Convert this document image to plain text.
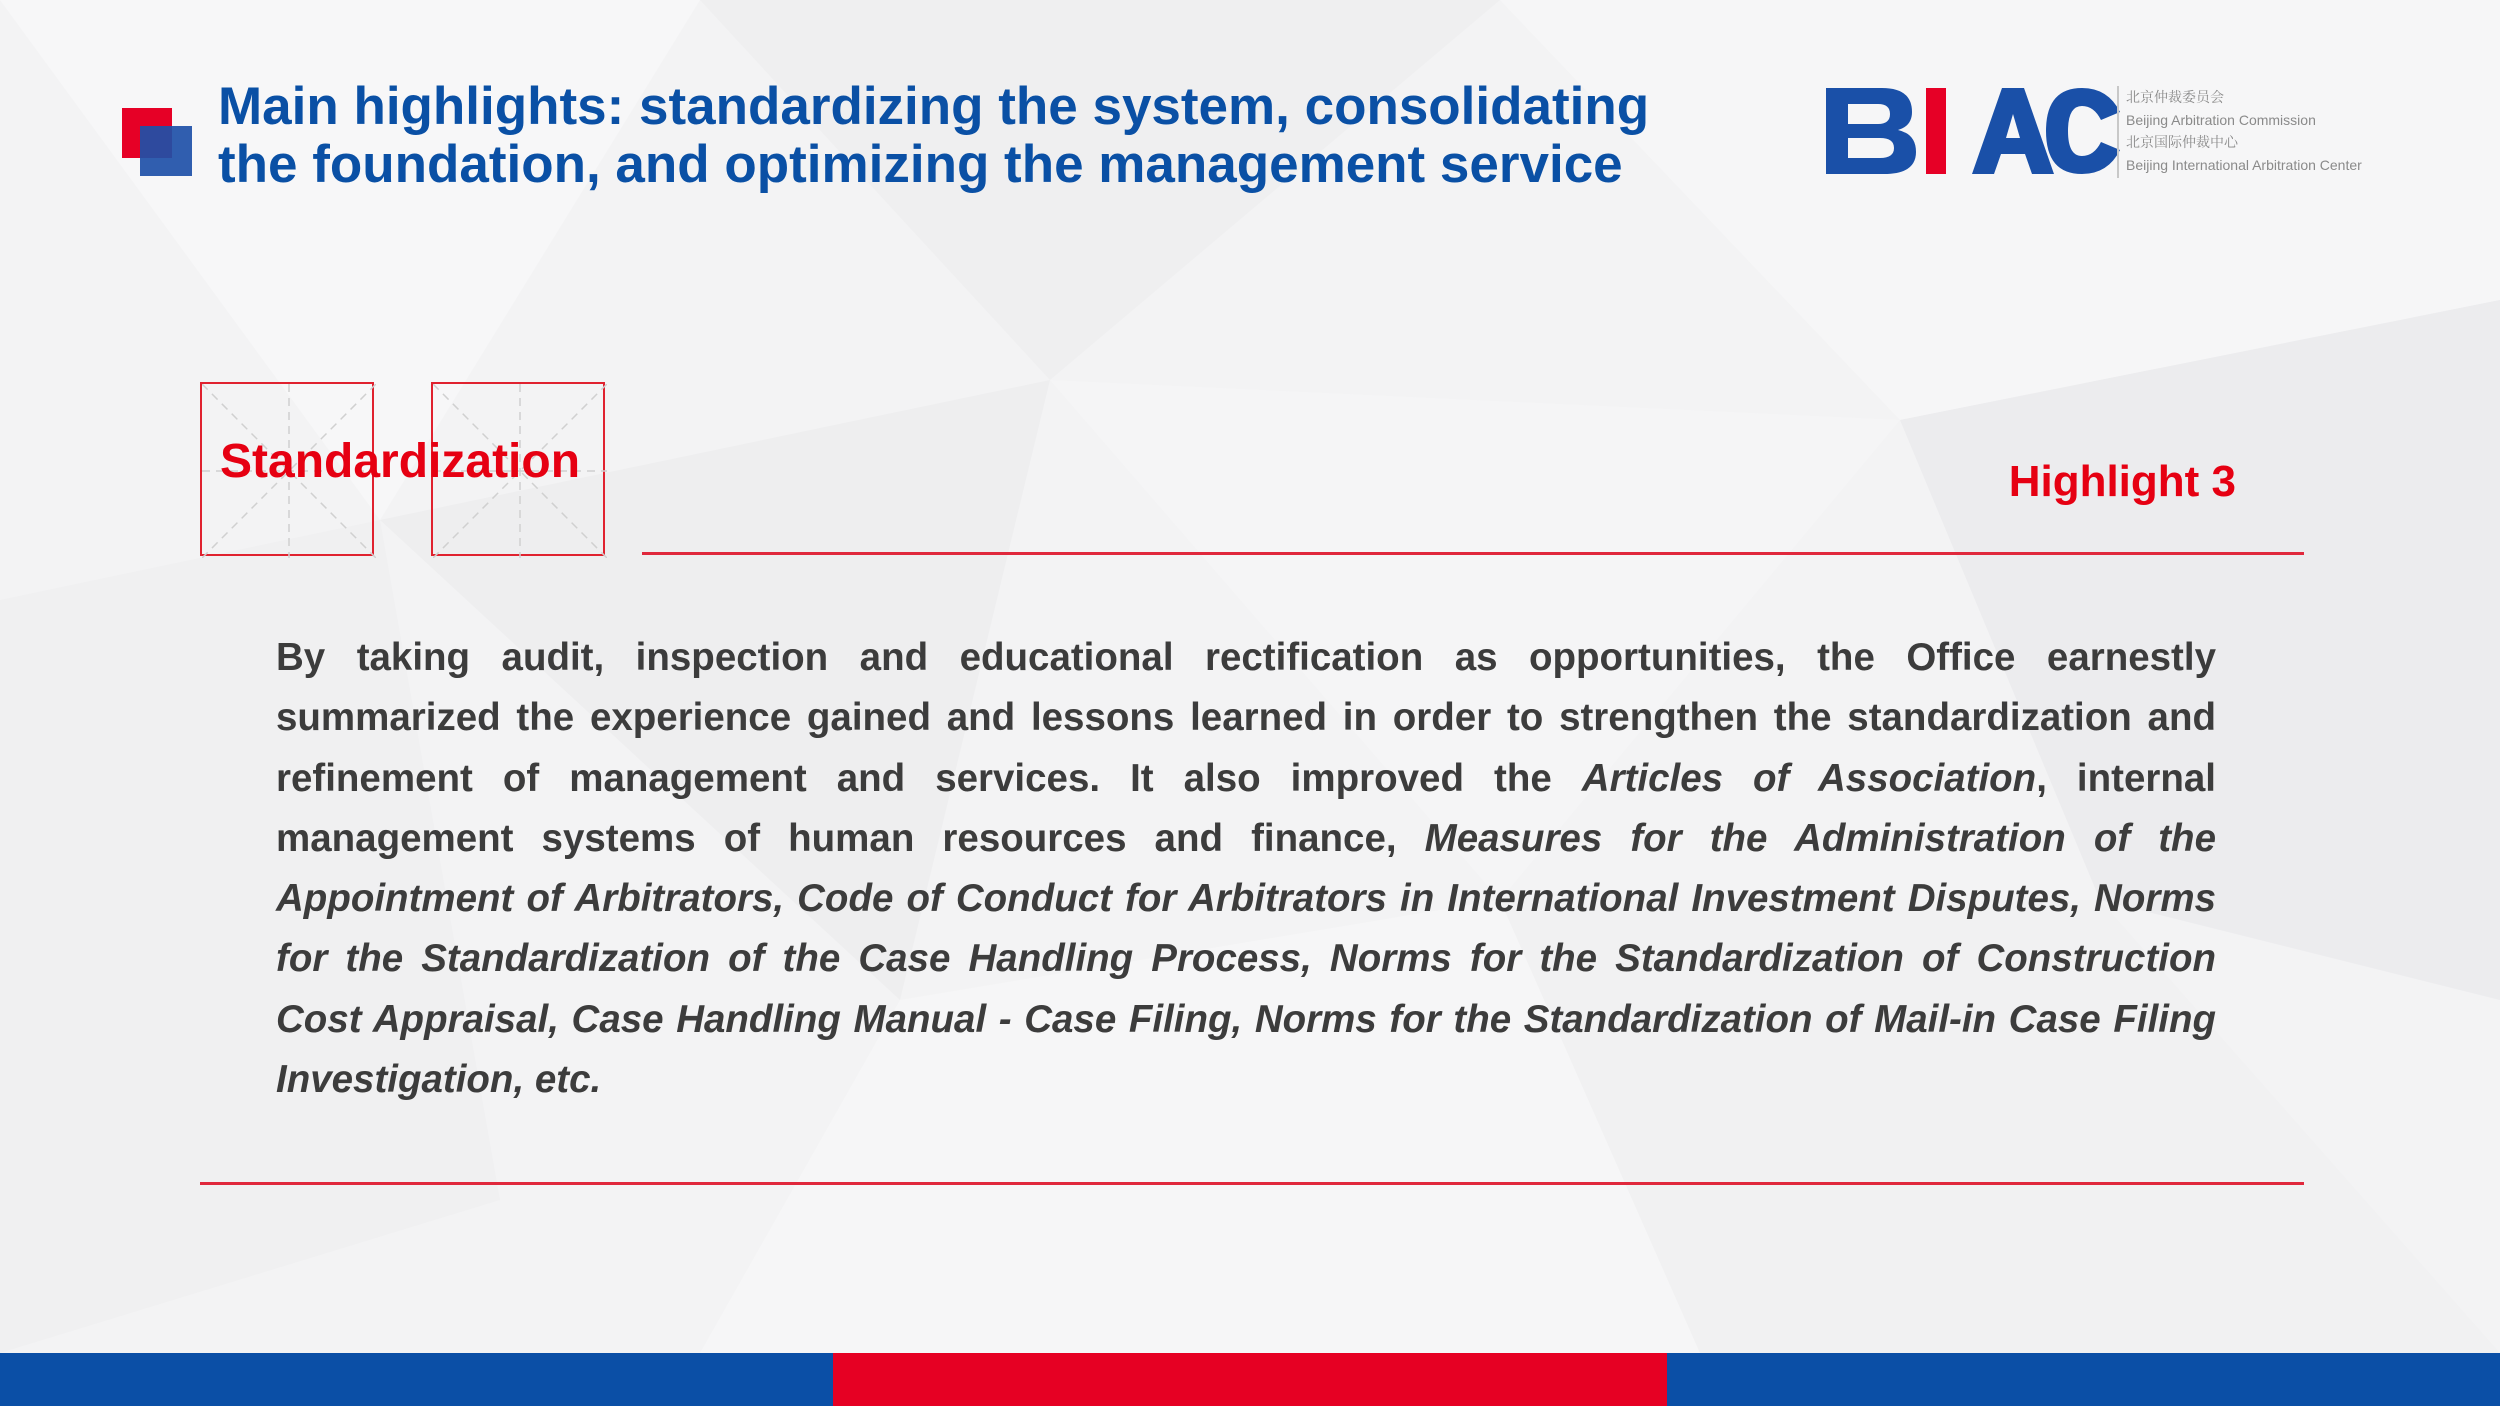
Main highlights: standardizing the system, consolidating
the foundation, and optimizing the management service
北京仲裁委员会
Beijing Arbitration Commission
北京国际仲裁中心
Beijing International Arbitration Center
Standardization	Highlight 3

By taking audit, inspection and educational rectification as opportunities, the Office earnestly summarized the experience gained and lessons learned in order to strengthen the standardization and refinement of management and services. It also improved the Articles of Association, internal management systems of human resources and finance, Measures for the Administration of the Appointment of Arbitrators, Code of Conduct for Arbitrators in International Investment Disputes, Norms for the Standardization of the Case Handling Process, Norms for the Standardization of Construction Cost Appraisal, Case Handling Manual - Case Filing, Norms for the Standardization of Mail-in Case Filing Investigation, etc.
